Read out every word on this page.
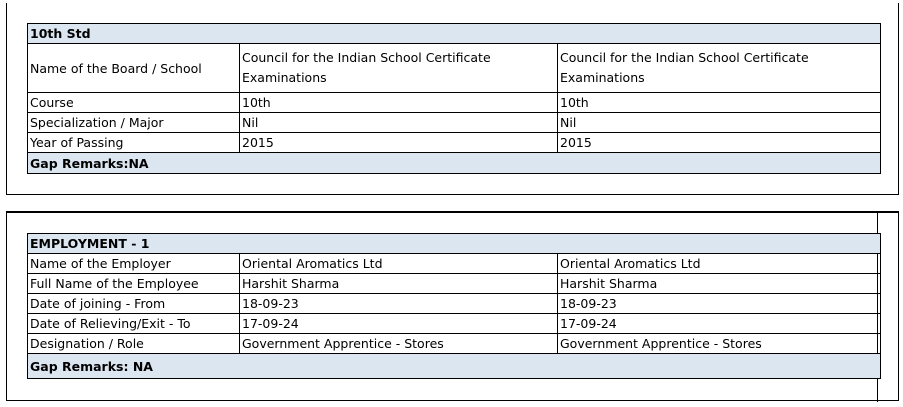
10th Std		
Name of the Board / School	Council for the Indian School Certificate Examinations	Council for the Indian School Certificate Examinations
Course	10th	10th
Specialization / Major	Nil	Nil
Year of Passing	2015	2015
Gap Remarks:NA		
EMPLOYMENT - 1		
Name of the Employer	Oriental Aromatics Ltd	Oriental Aromatics Ltd
Full Name of the Employee	Harshit Sharma	Harshit Sharma
Date of joining - From	18-09-23	18-09-23
Date of Relieving/Exit - To	17-09-24	17-09-24
Designation / Role	Government Apprentice - Stores	Government Apprentice - Stores
Gap Remarks: NA		
